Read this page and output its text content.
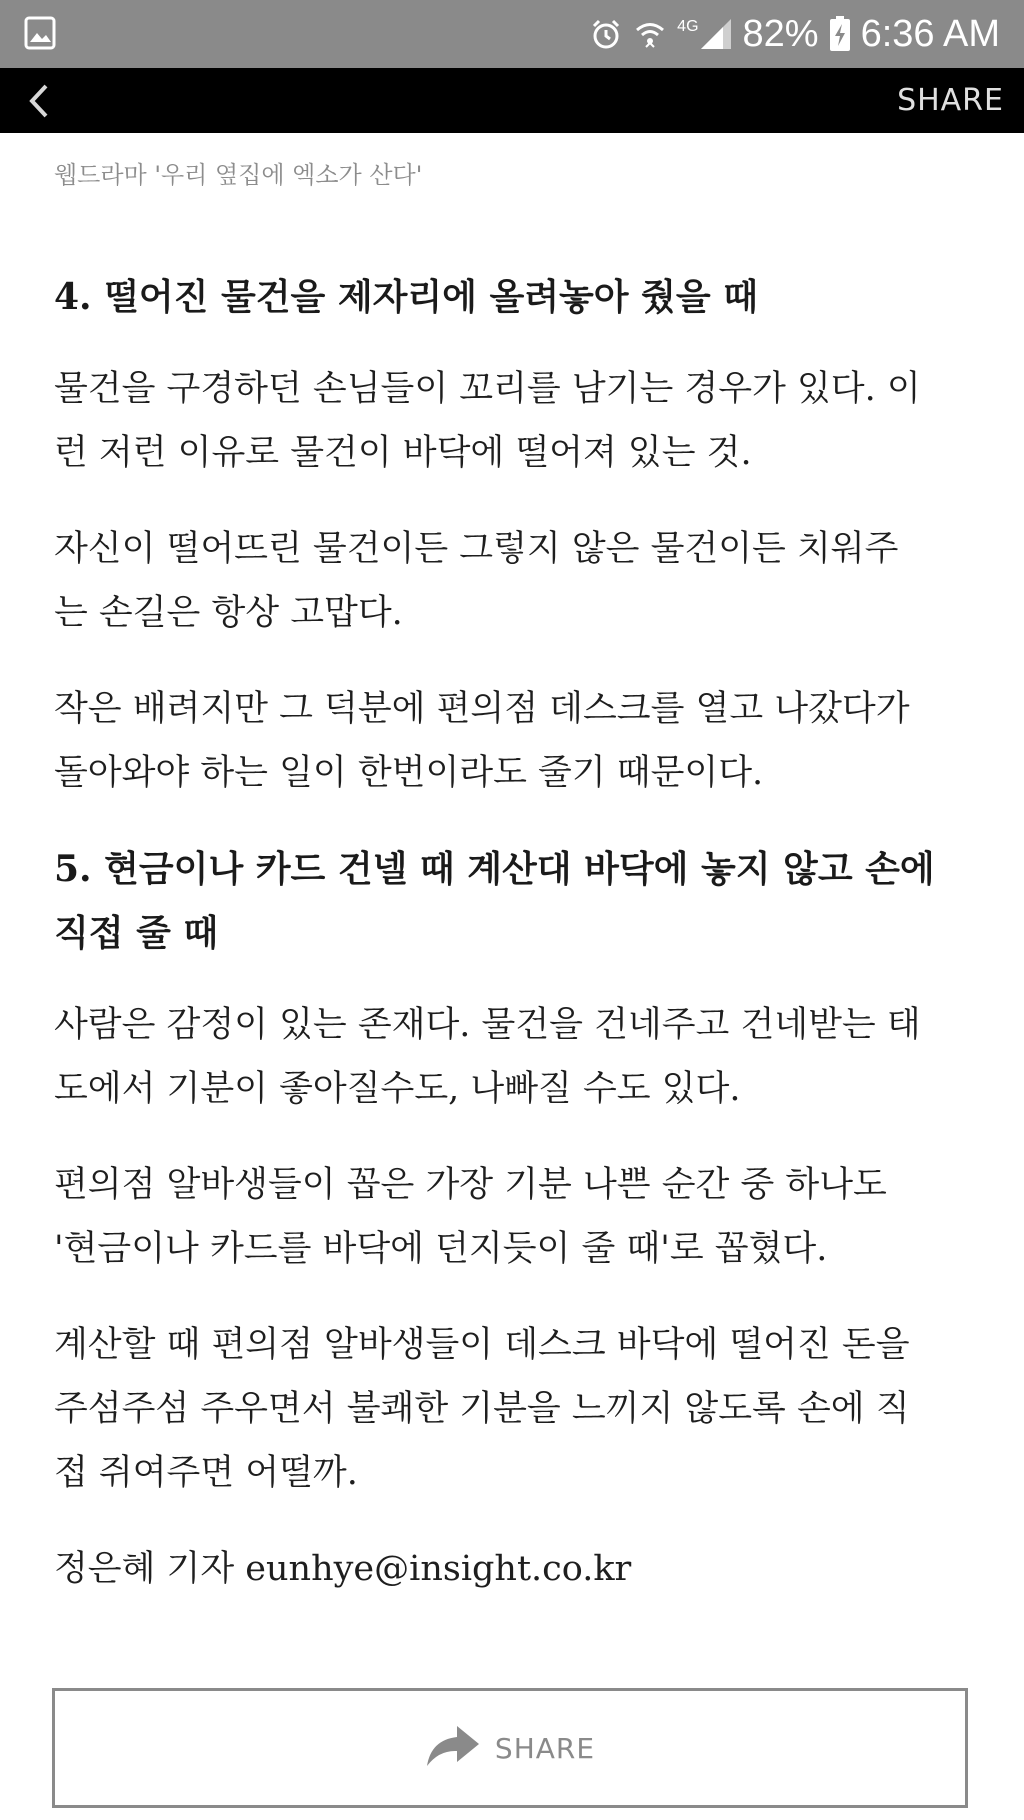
4G 82% 6:36 AM
SHARE
웹드라마 '우리 옆집에 엑소가 산다'

4. 떨어진 물건을 제자리에 올려놓아 줬을 때

물건을 구경하던 손님들이 꼬리를 남기는 경우가 있다. 이

런 저런 이유로 물건이 바닥에 떨어져 있는 것.

자신이 떨어뜨린 물건이든 그렇지 않은 물건이든 치워주

는 손길은 항상 고맙다.

작은 배려지만 그 덕분에 편의점 데스크를 열고 나갔다가

돌아와야 하는 일이 한번이라도 줄기 때문이다.

5. 현금이나 카드 건넬 때 계산대 바닥에 놓지 않고 손에

직접 줄 때

사람은 감정이 있는 존재다. 물건을 건네주고 건네받는 태

도에서 기분이 좋아질수도, 나빠질 수도 있다.

편의점 알바생들이 꼽은 가장 기분 나쁜 순간 중 하나도

'현금이나 카드를 바닥에 던지듯이 줄 때'로 꼽혔다.

계산할 때 편의점 알바생들이 데스크 바닥에 떨어진 돈을

주섬주섬 주우면서 불쾌한 기분을 느끼지 않도록 손에 직

접 쥐여주면 어떨까.

정은혜 기자 eunhye@insight.co.kr

SHARE
